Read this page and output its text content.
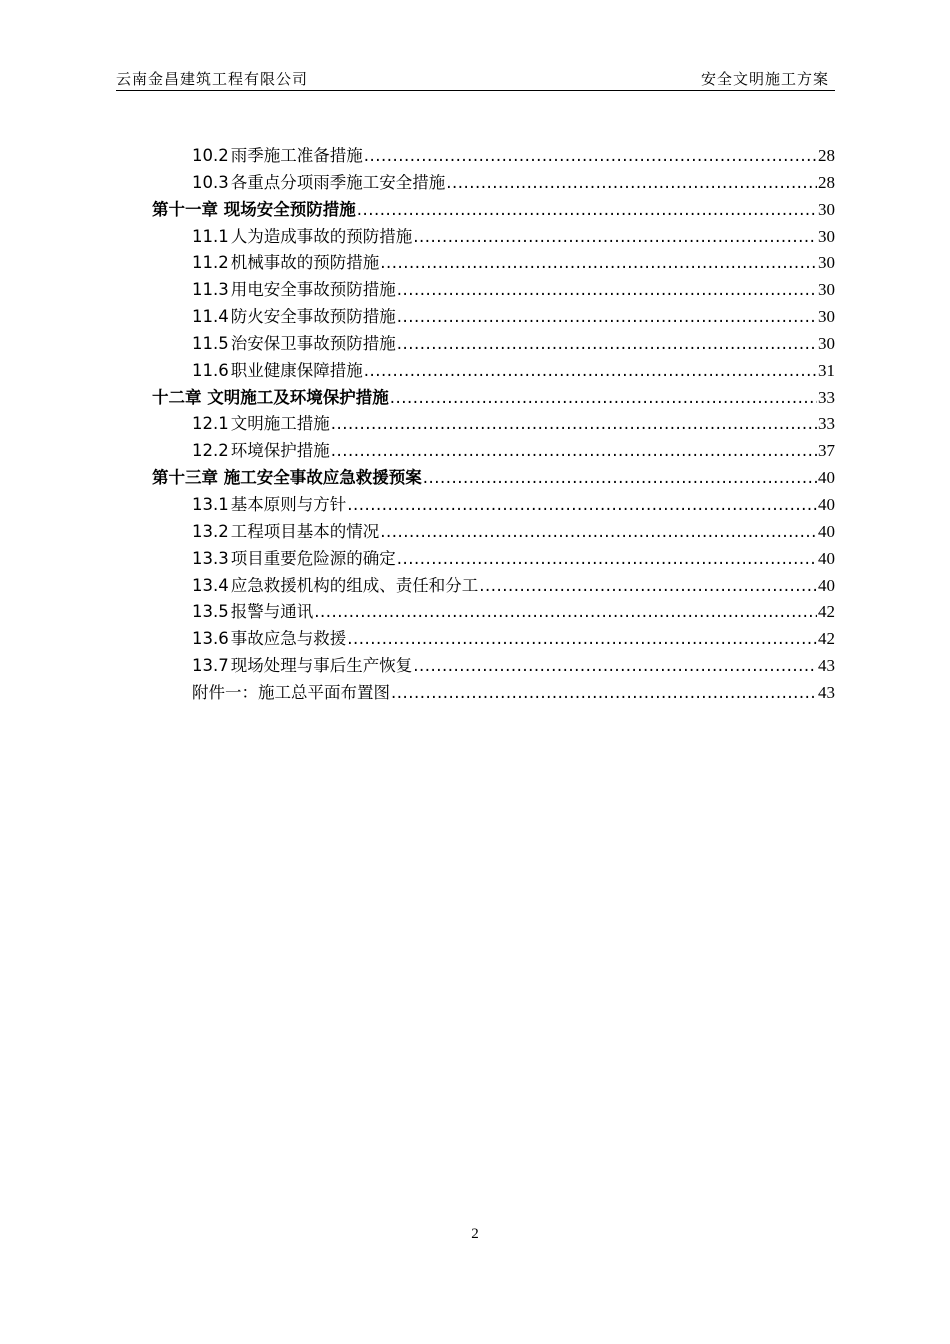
云南金昌建筑工程有限公司	安全文明施工方案
10.2 雨季施工准备措施 .....	28
10.3 各重点分项雨季施工安全措施 .....	28
第十一章 现场安全预防措施 .....	30
11.1 人为造成事故的预防措施 .....	30
11.2 机械事故的预防措施 .....	30
11.3 用电安全事故预防措施 .....	30
11.4 防火安全事故预防措施 .....	30
11.5 治安保卫事故预防措施 .....	30
11.6 职业健康保障措施 .....	31
十二章 文明施工及环境保护措施 .....	33
12.1 文明施工措施 .....	33
12.2 环境保护措施 .....	37
第十三章 施工安全事故应急救援预案 .....	40
13.1 基本原则与方针 .....	40
13.2 工程项目基本的情况 .....	40
13.3 项目重要危险源的确定 .....	40
13.4 应急救援机构的组成、责任和分工 .....	40
13.5 报警与通讯 .....	42
13.6 事故应急与救援 .....	42
13.7 现场处理与事后生产恢复 .....	43
附件一：施工总平面布置图 .....	43
2
